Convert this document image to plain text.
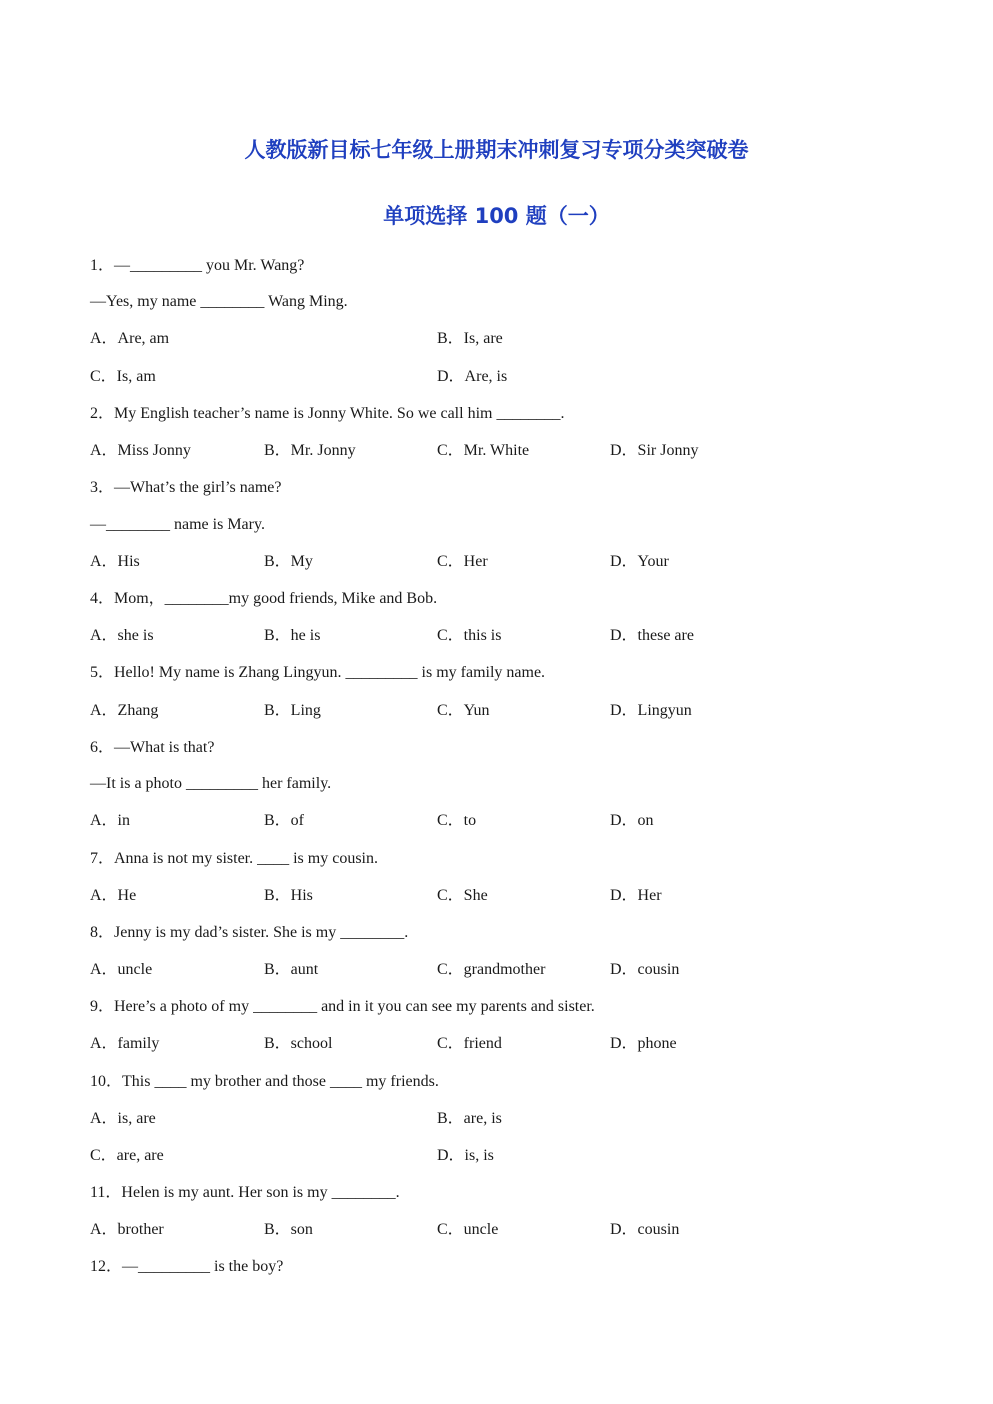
人教版新目标七年级上册期末冲刺复习专项分类突破卷
单项选择 100 题（一）
1．—_________ you Mr. Wang?
—Yes, my name ________ Wang Ming.
A．Are, am	B．Is, are
C．Is, am	D．Are, is
2．My English teacher’s name is Jonny White. So we call him ________.
A．Miss Jonny	B．Mr. Jonny	C．Mr. White	D．Sir Jonny
3．—What’s the girl’s name?
—________ name is Mary.
A．His	B．My	C．Her	D．Your
4．Mom，________my good friends, Mike and Bob.
A．she is	B．he is	C．this is	D．these are
5．Hello! My name is Zhang Lingyun. _________ is my family name.
A．Zhang	B．Ling	C．Yun	D．Lingyun
6．—What is that?
—It is a photo _________ her family.
A．in	B．of	C．to	D．on
7．Anna is not my sister. ____ is my cousin.
A．He	B．His	C．She	D．Her
8．Jenny is my dad’s sister. She is my ________.
A．uncle	B．aunt	C．grandmother	D．cousin
9．Here’s a photo of my ________ and in it you can see my parents and sister.
A．family	B．school	C．friend	D．phone
10．This ____ my brother and those ____ my friends.
A．is, are	B．are, is
C．are, are	D．is, is
11．Helen is my aunt. Her son is my ________.
A．brother	B．son	C．uncle	D．cousin
12．—_________ is the boy?
